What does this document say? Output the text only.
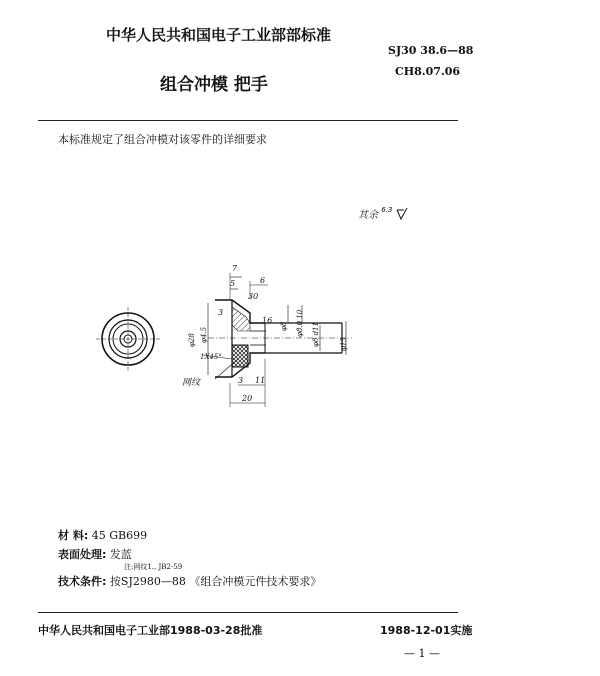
中华人民共和国电子工业部部标准
SJ30 38.6—88
组合冲模 把手
CH8.07.06
本标准规定了组合冲模对该零件的详细要求
其余 $^{6.3}$
7
5	6
30
3
φ8 φ8.0 10
16
φ28 φ4.5	φ8 d11	φ15
1X45°
3 11
20
网纹
材 料: 45 GB699
表面处理: 发蓝
注:网纹1., JB2-59
技术条件: 按SJ2980—88 《组合冲模元件技术要求》
中华人民共和国电子工业部1988-03-28批准	1988-12-01实施
— 1 —
